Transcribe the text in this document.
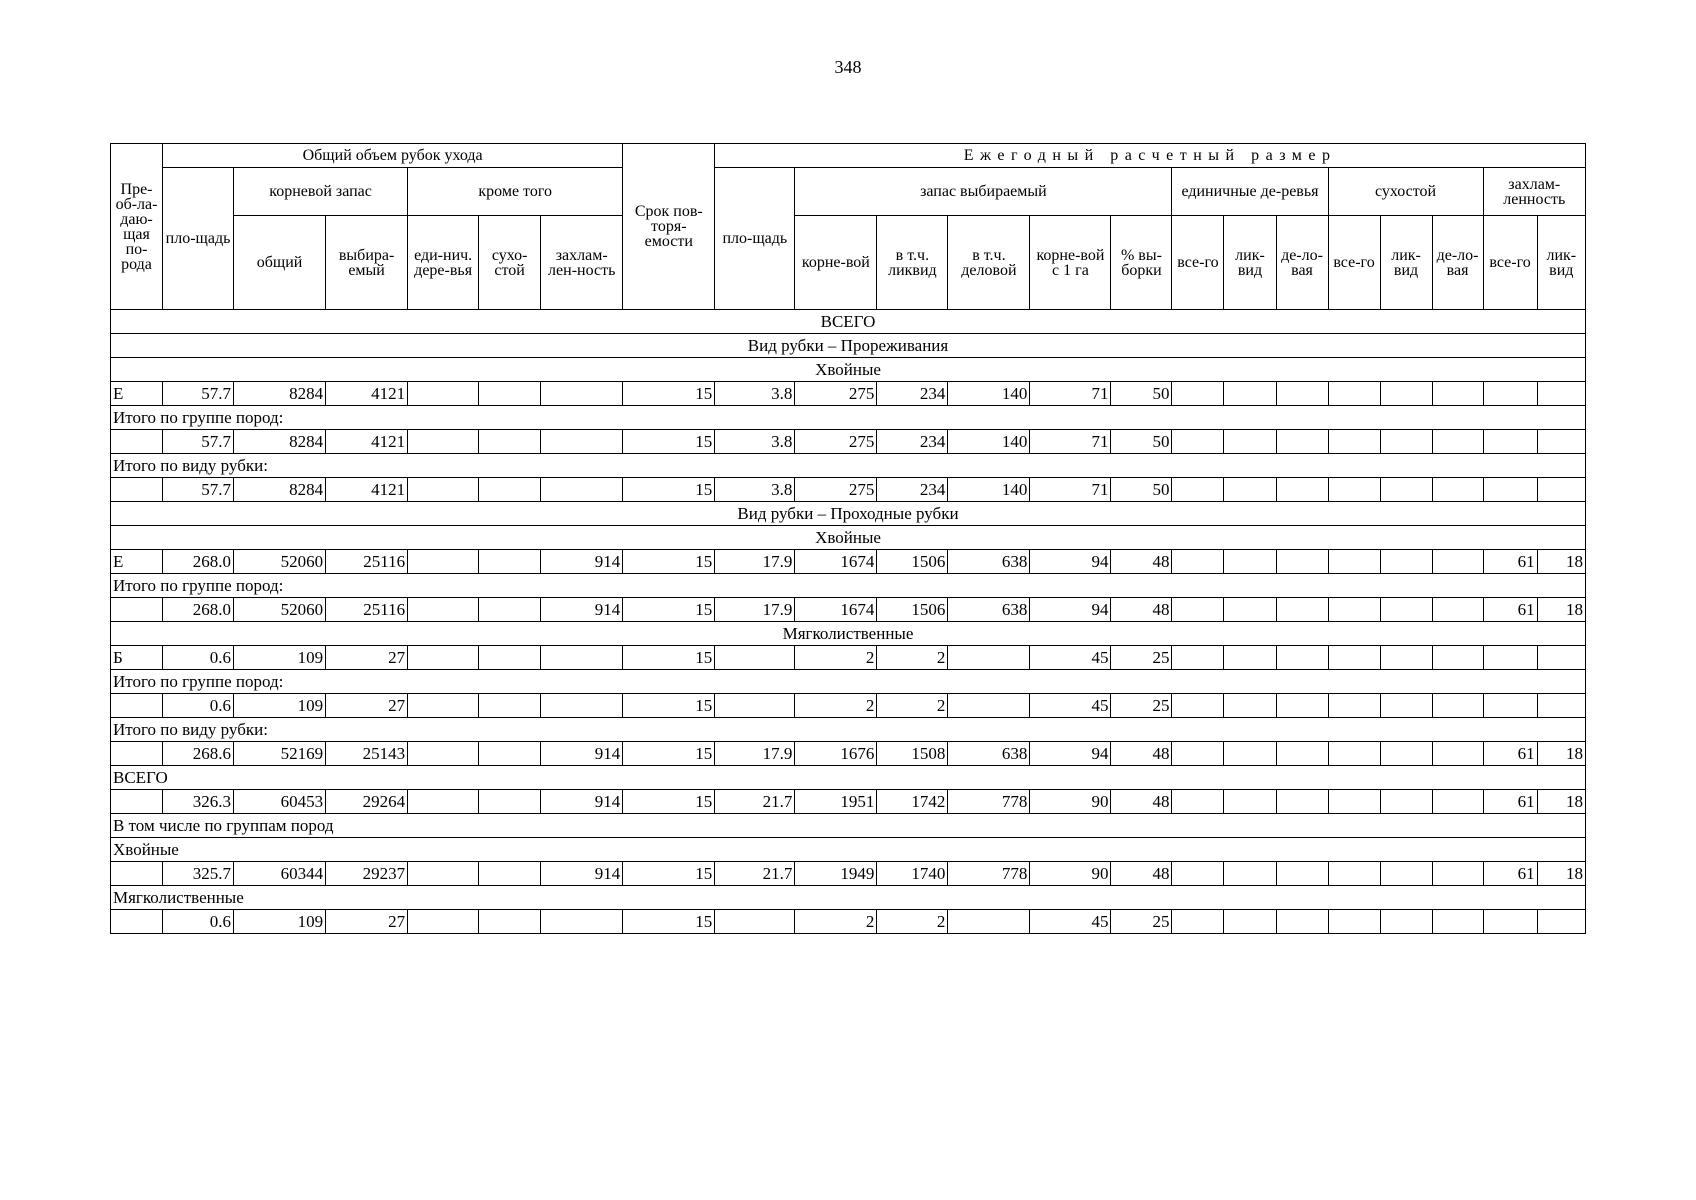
348
Пре-об-ла-даю-щая по-рода	Общий объем рубок ухода						Срок пов- торя- емости	Ежегодный расчетный размер													
	пло-щадь	корневой запас		кроме того				пло-щадь	запас выбираемый					единичные де-ревья			сухостой			захлам-ленность	
		общий	выбира-емый	еди-нич. дере-вья	сухо-стой	захлам-лен-ность			корне-вой	в т.ч. ликвид	в т.ч. деловой	корне-вой с 1 га	% вы-борки	все-го	лик-вид	де-ло-вая	все-го	лик-вид	де-ло-вая	все-го	лик-вид
ВСЕГО																					
Вид рубки – Прореживания																					
Хвойные																					
Е	57.7	8284	4121				15	3.8	275	234	140	71	50								
Итого по группе пород:																					
	57.7	8284	4121				15	3.8	275	234	140	71	50								
Итого по виду рубки:																					
	57.7	8284	4121				15	3.8	275	234	140	71	50								
Вид рубки – Проходные рубки																					
Хвойные																					
Е	268.0	52060	25116			914	15	17.9	1674	1506	638	94	48							61	18
Итого по группе пород:																					
	268.0	52060	25116			914	15	17.9	1674	1506	638	94	48							61	18
Мягколиственные																					
Б	0.6	109	27				15		2	2		45	25								
Итого по группе пород:																					
	0.6	109	27				15		2	2		45	25								
Итого по виду рубки:																					
	268.6	52169	25143			914	15	17.9	1676	1508	638	94	48							61	18
ВСЕГО																					
	326.3	60453	29264			914	15	21.7	1951	1742	778	90	48							61	18
В том числе по группам пород																					
Хвойные																					
	325.7	60344	29237			914	15	21.7	1949	1740	778	90	48							61	18
Мягколиственные																					
	0.6	109	27				15		2	2		45	25								
